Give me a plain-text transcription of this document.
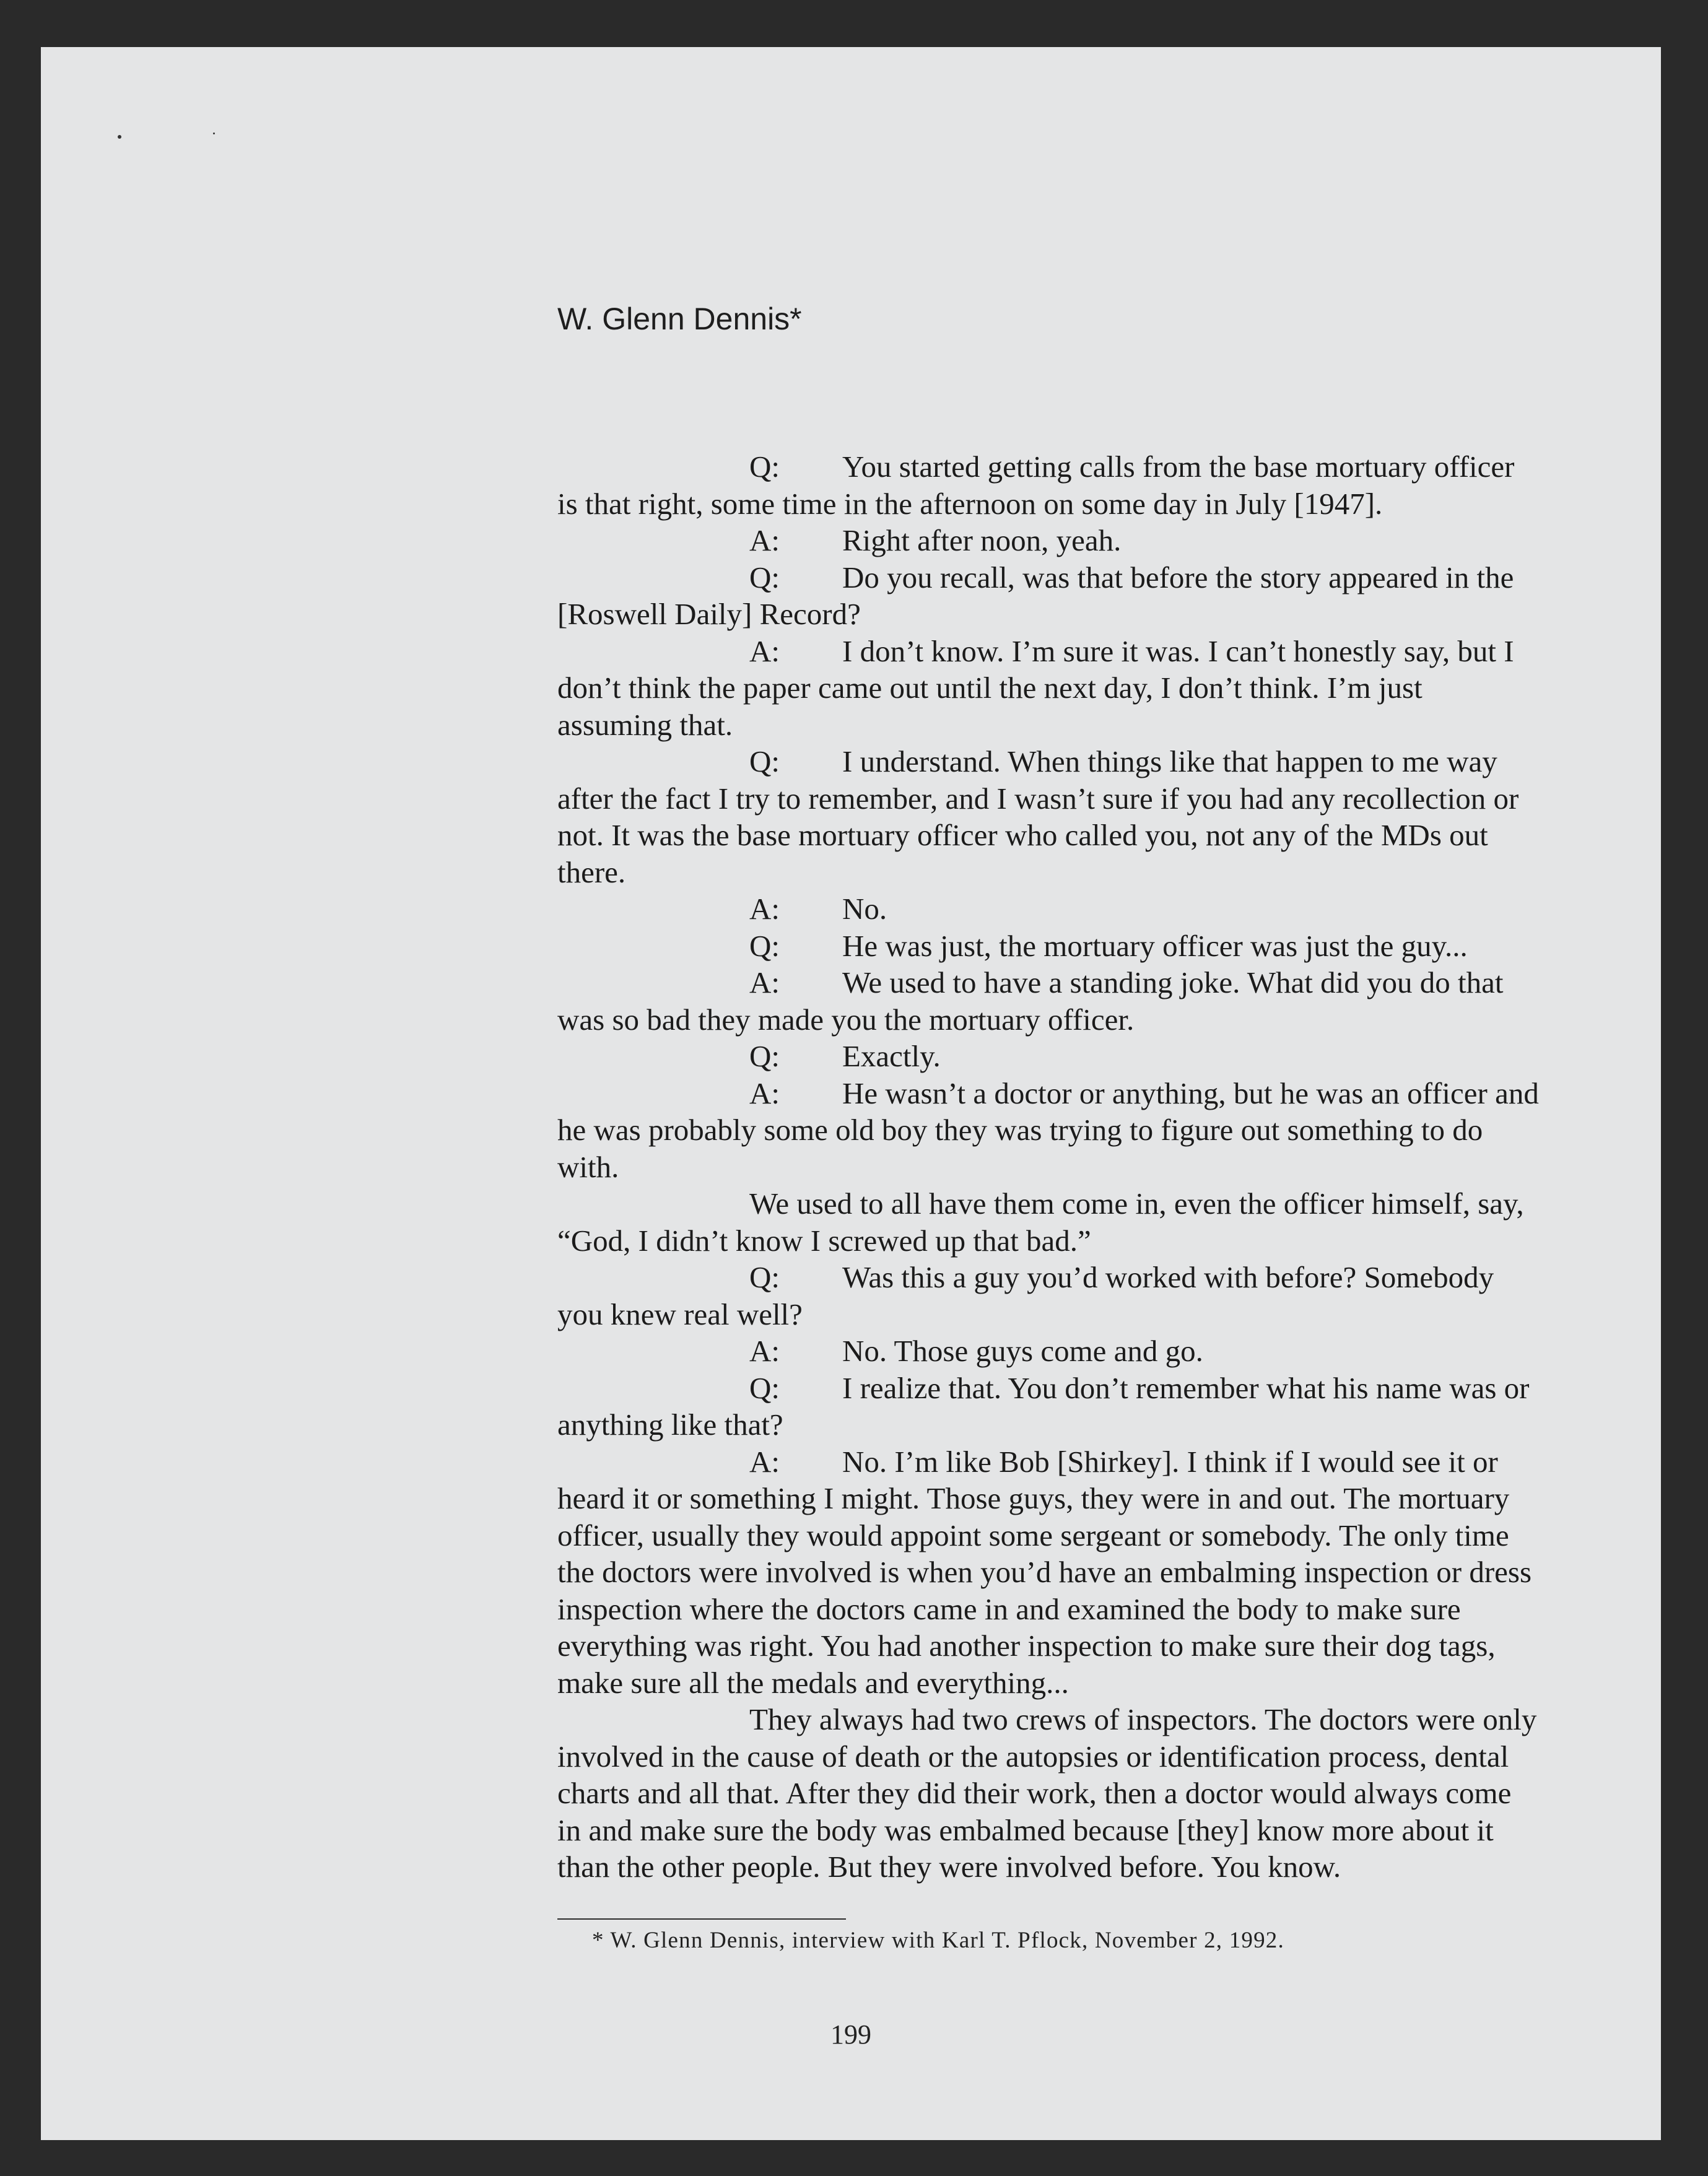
W. Glenn Dennis*

Q: You started getting calls from the base mortuary officer is that right, some time in the afternoon on some day in July [1947].

A: Right after noon, yeah.

Q: Do you recall, was that before the story appeared in the [Roswell Daily] Record?

A: I don’t know. I’m sure it was. I can’t honestly say, but I don’t think the paper came out until the next day, I don’t think. I’m just assuming that.

Q: I understand. When things like that happen to me way after the fact I try to remember, and I wasn’t sure if you had any recollection or not. It was the base mortuary officer who called you, not any of the MDs out there.

A: No.

Q: He was just, the mortuary officer was just the guy...

A: We used to have a standing joke. What did you do that was so bad they made you the mortuary officer.

Q: Exactly.

A: He wasn’t a doctor or anything, but he was an officer and he was probably some old boy they was trying to figure out something to do with.

We used to all have them come in, even the officer himself, say, “God, I didn’t know I screwed up that bad.”

Q: Was this a guy you’d worked with before? Somebody you knew real well?

A: No. Those guys come and go.

Q: I realize that. You don’t remember what his name was or anything like that?

A: No. I’m like Bob [Shirkey]. I think if I would see it or heard it or something I might. Those guys, they were in and out. The mortuary officer, usually they would appoint some sergeant or somebody. The only time the doctors were involved is when you’d have an embalming inspection or dress inspection where the doctors came in and examined the body to make sure everything was right. You had another inspection to make sure their dog tags, make sure all the medals and everything...

They always had two crews of inspectors. The doctors were only involved in the cause of death or the autopsies or identification process, dental charts and all that. After they did their work, then a doctor would always come in and make sure the body was embalmed because [they] know more about it than the other people. But they were involved before. You know.

* W. Glenn Dennis, interview with Karl T. Pflock, November 2, 1992.
199
